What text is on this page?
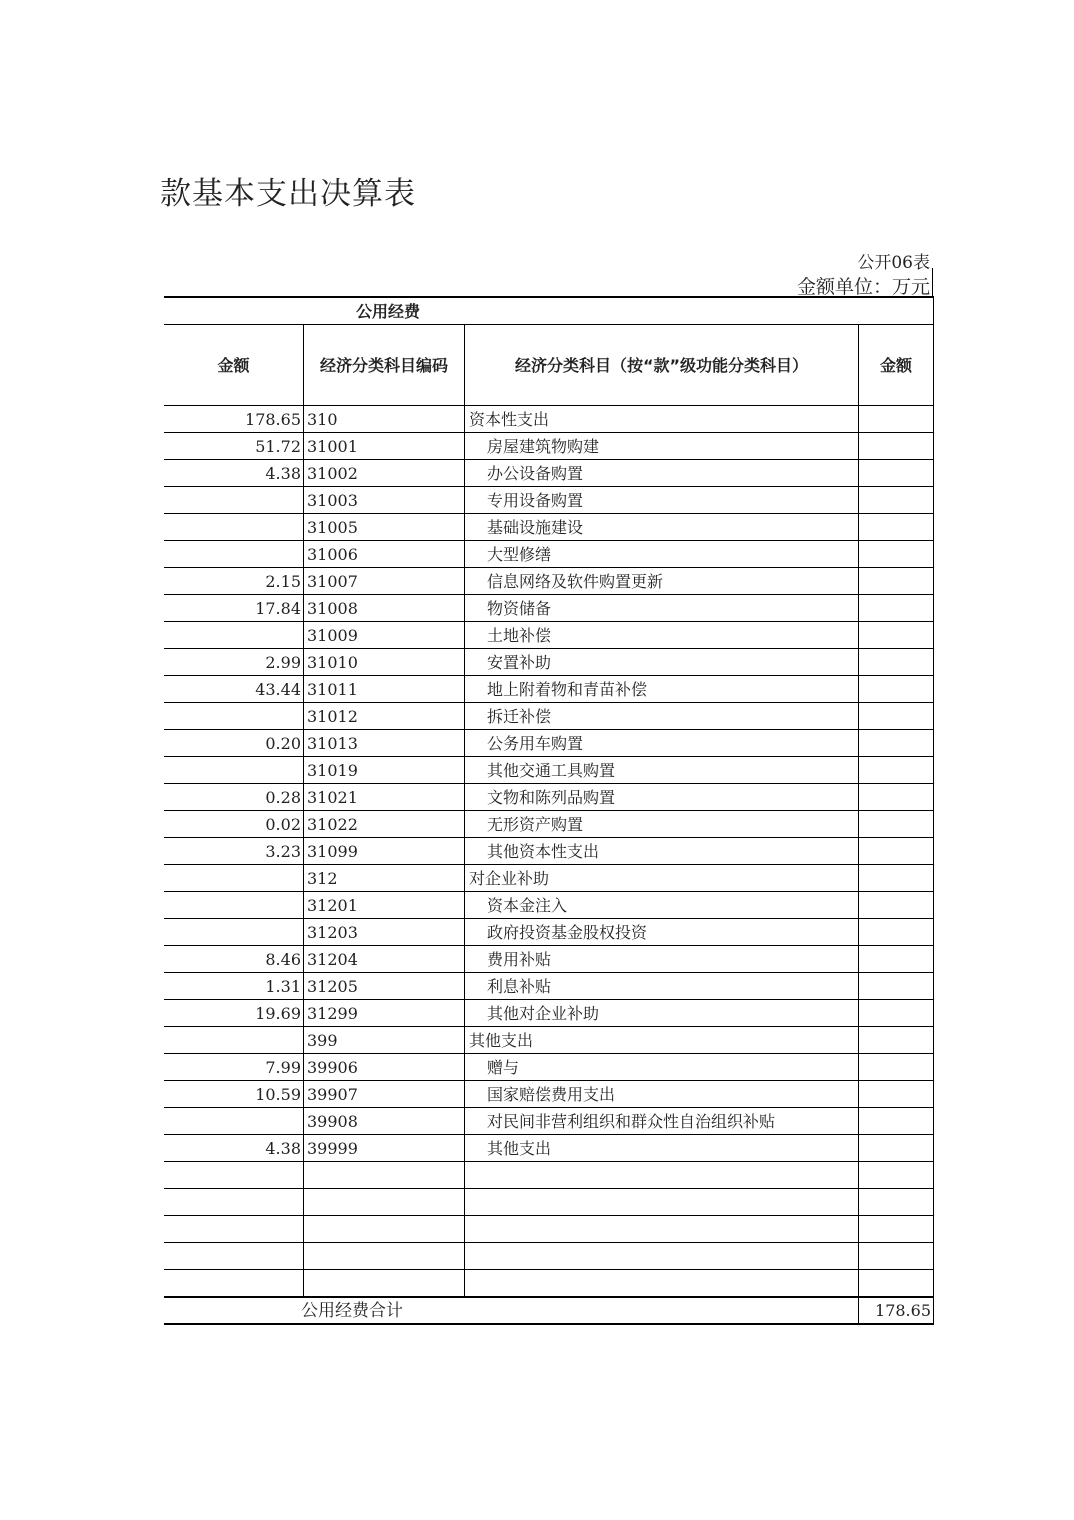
款基本支出决算表
公开06表
金额单位：万元
公用经费
金额	经济分类科目编码	经济分类科目（按“款”级功能分类科目）	金额
178.65 310	资本性支出
51.72 31001	房屋建筑物购建
4.38 31002	办公设备购置
31003	专用设备购置
31005	基础设施建设
31006	大型修缮
2.15 31007	信息网络及软件购置更新
17.84 31008	物资储备
31009	土地补偿
2.99 31010	安置补助
43.44 31011	地上附着物和青苗补偿
31012	拆迁补偿
0.20 31013	公务用车购置
31019	其他交通工具购置
0.28 31021	文物和陈列品购置
0.02 31022	无形资产购置
3.23 31099	其他资本性支出
312	对企业补助
31201	资本金注入
31203	政府投资基金股权投资
8.46 31204	费用补贴
1.31 31205	利息补贴
19.69 31299	其他对企业补助
399	其他支出
7.99 39906	赠与
10.59 39907	国家赔偿费用支出
39908	对民间非营利组织和群众性自治组织补贴
4.38 39999	其他支出
公用经费合计	178.65
